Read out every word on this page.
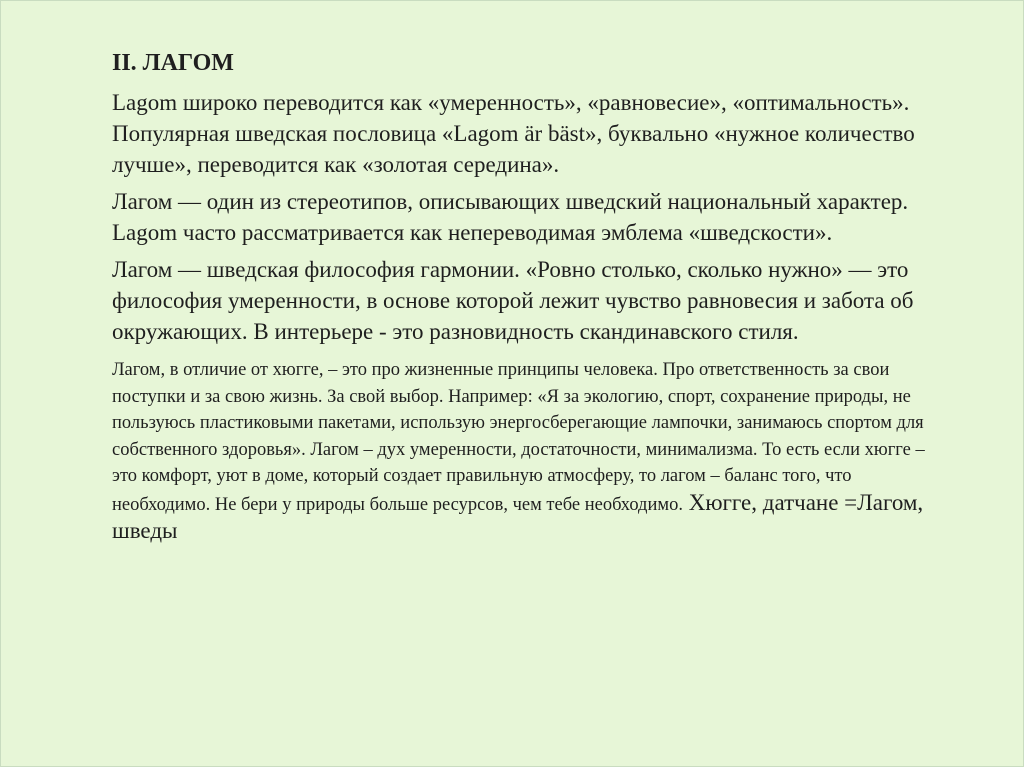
II. ЛАГОМ

Lagom широко переводится как «умеренность», «равновесие», «оптимальность». Популярная шведская пословица «Lagom är bäst», буквально «нужное количество лучше», переводится как «золотая середина».

Лагом — один из стереотипов, описывающих шведский национальный характер. Lagom часто рассматривается как непереводимая эмблема «шведскости».

Лагом — шведская философия гармонии. «Ровно столько, сколько нужно» — это философия умеренности, в основе которой лежит чувство равновесия и забота об окружающих. В интерьере - это разновидность скандинавского стиля.

Лагом, в отличие от хюгге, – это про жизненные принципы человека. Про ответственность за свои поступки и за свою жизнь. За свой выбор. Например: «Я за экологию, спорт, сохранение природы, не пользуюсь пластиковыми пакетами, использую энергосберегающие лампочки, занимаюсь спортом для собственного здоровья». Лагом – дух умеренности, достаточности, минимализма. То есть если хюгге – это комфорт, уют в доме, который создает правильную атмосферу, то лагом – баланс того, что необходимо. Не бери у природы больше ресурсов, чем тебе необходимо. Хюгге, датчане =Лагом, шведы
